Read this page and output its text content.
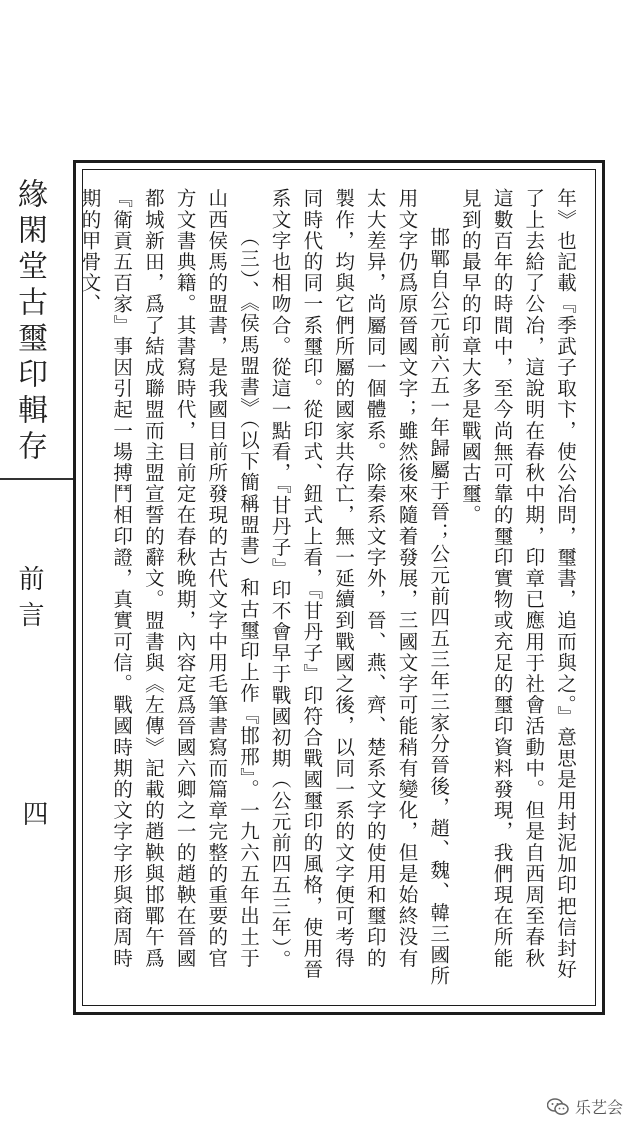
緣閑堂古璽印輯存
前言
四	年》也記載『季武子取卞，使公冶問，璽書，追而與之。』意思是用封泥加印把信封好了上去給了公冶，這說明在春秋中期，印章已應用于社會活動中。但是自西周至春秋這數百年的時間中，至今尚無可靠的璽印實物或充足的璽印資料發現，我們現在所能見到的最早的印章大多是戰國古璽。

邯鄲自公元前六五一年歸屬于晉；公元前四五三年三家分晉後，趙、魏、韓三國所用文字仍爲原晉國文字；雖然後來隨着發展，三國文字可能稍有變化，但是始終没有太大差异，尚屬同一個體系。除秦系文字外，晉、燕、齊、楚系文字的使用和璽印的製作，均與它們所屬的國家共存亡，無一延續到戰國之後，以同一系的文字便可考得同時代的同一系璽印。從印式、鈕式上看，『甘丹子』印符合戰國璽印的風格，使用晉系文字也相吻合。從這一點看，『甘丹子』印不會早于戰國初期（公元前四五三年）。

（三）、《侯馬盟書》（以下簡稱盟書）和古璽印上作『邯邢』。一九六五年出土于山西侯馬的盟書，是我國目前所發現的古代文字中用毛筆書寫而篇章完整的重要的官方文書典籍。其書寫時代，目前定在春秋晚期，內容定爲晉國六卿之一的趙鞅在晉國都城新田，爲了結成聯盟而主盟宣誓的辭文。盟書與《左傳》記載的趙鞅與邯鄲午爲『衛貢五百家』事因引起一場搏鬥相印證，真實可信。戰國時期的文字字形與商周時期的甲骨文、

乐艺会
